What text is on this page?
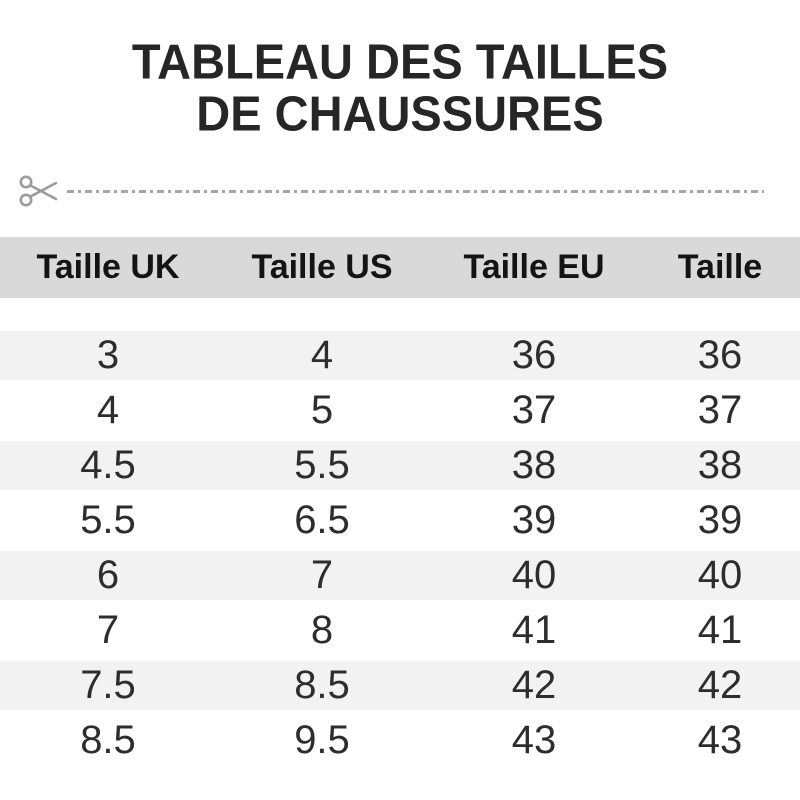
TABLEAU DES TAILLES
DE CHAUSSURES
Taille UK	Taille US	Taille EU	Taille
3	4	36	36
4	5	37	37
4.5	5.5	38	38
5.5	6.5	39	39
6	7	40	40
7	8	41	41
7.5	8.5	42	42
8.5	9.5	43	43
